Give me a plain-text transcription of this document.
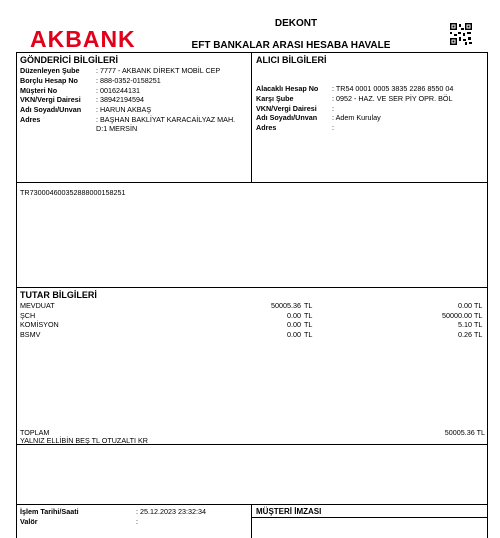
AKBANK
DEKONT
EFT BANKALAR ARASI HESABA HAVALE
GÖNDERİCİ BİLGİLERİ
Düzenleyen Şube : 7777 - AKBANK DİREKT MOBİL CEP
Borçlu Hesap No	: 888-0352-0158251
Müşteri No	: 0016244131
VKN/Vergi Dairesi : 38942194594
Adı Soyadı/Unvan : HARUN AKBAŞ
Adres	: BAŞHAN BAKLİYAT KARACAİLYAZ MAH.
D:1 MERSİN
ALICI BİLGİLERİ
Alacaklı Hesap No : TR54 0001 0005 3835 2286 8550 04
Karşı Şube	: 0952 - HAZ. VE SER PİY OPR. BÖL
VKN/Vergi Dairesi :
Adı Soyadı/Unvan : Adem Kurulay
Adres	:
TR730004600352888000158251
TUTAR BİLGİLERİ
MEVDUAT	50005.36 TL	0.00 TL
ŞCH	0.00 TL	50000.00 TL
KOMİSYON	0.00 TL	5.10 TL
BSMV	0.00 TL	0.26 TL
TOPLAM	50005.36 TL
YALNIZ ELLİBİN BEŞ TL OTUZALTI KR
İşlem Tarihi/Saati	: 25.12.2023 23:32:34
Valör	:
MÜŞTERİ İMZASI
